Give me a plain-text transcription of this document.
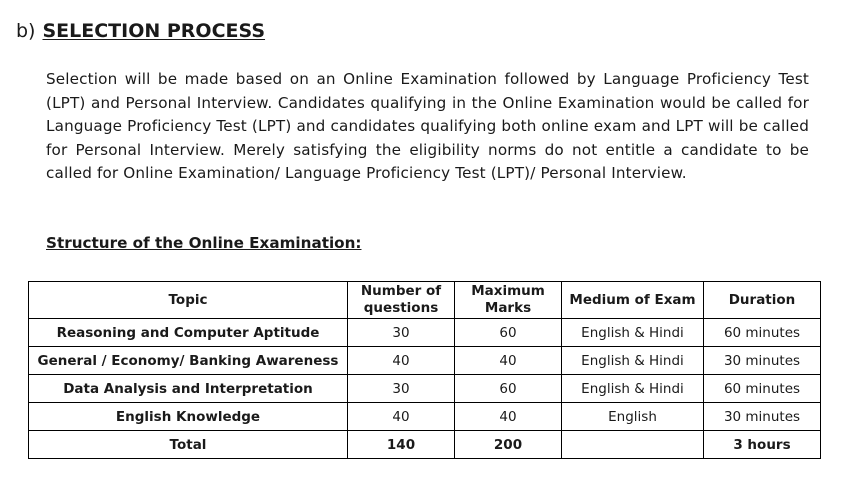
b) SELECTION PROCESS

Selection will be made based on an Online Examination followed by Language Proficiency Test (LPT) and Personal Interview. Candidates qualifying in the Online Examination would be called for Language Proficiency Test (LPT) and candidates qualifying both online exam and LPT will be called for Personal Interview. Merely satisfying the eligibility norms do not entitle a candidate to be called for Online Examination/ Language Proficiency Test (LPT)/ Personal Interview.

Structure of the Online Examination:
Topic	Number of questions	Maximum Marks	Medium of Exam	Duration
Reasoning and Computer Aptitude	30	60	English & Hindi	60 minutes
General / Economy/ Banking Awareness	40	40	English & Hindi	30 minutes
Data Analysis and Interpretation	30	60	English & Hindi	60 minutes
English Knowledge	40	40	English	30 minutes
Total	140	200		3 hours
